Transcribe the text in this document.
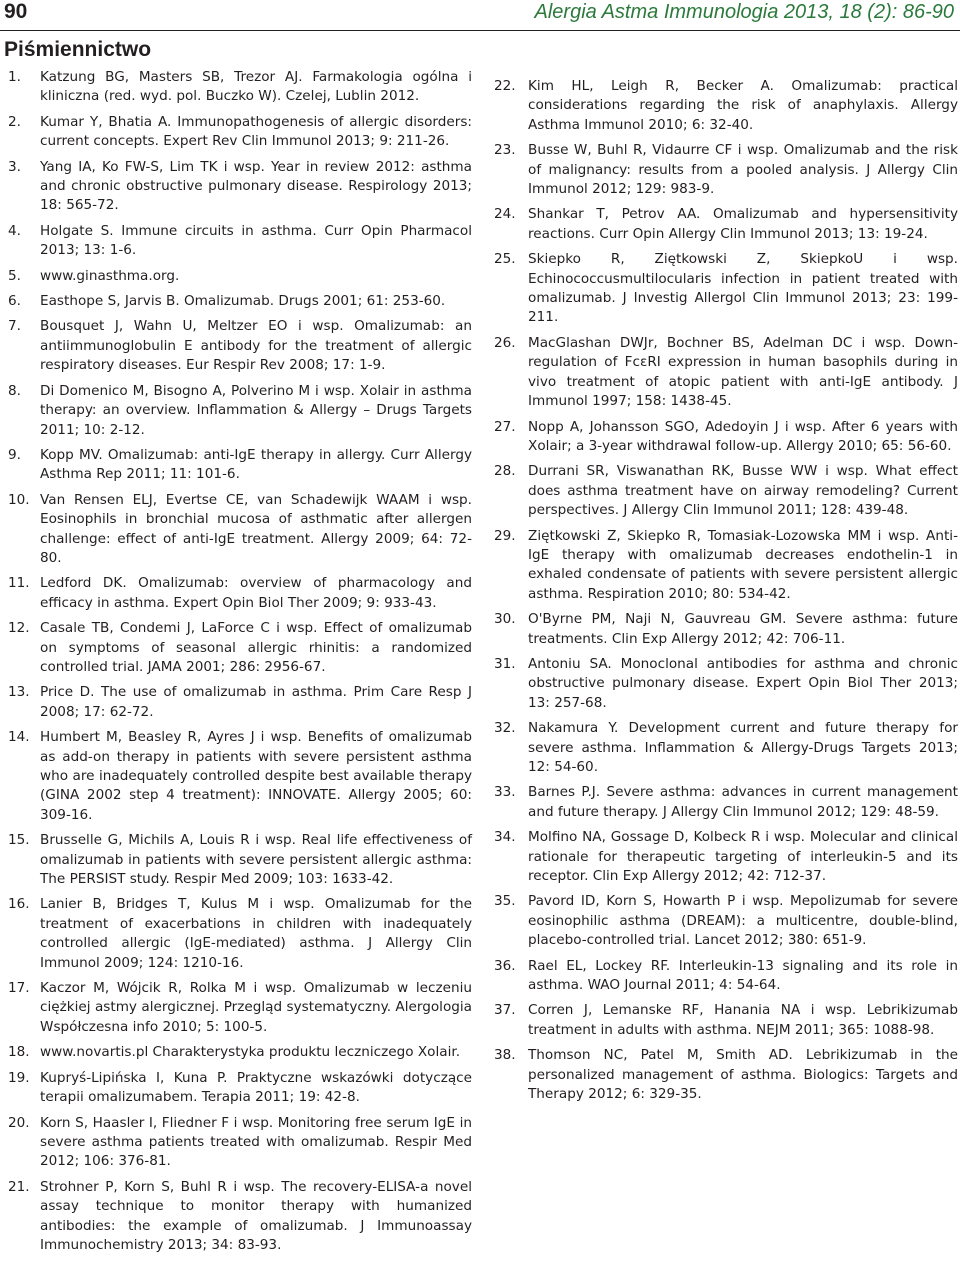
90	Alergia Astma Immunologia 2013, 18 (2): 86-90
Piśmiennictwo
1. Katzung BG, Masters SB, Trezor AJ. Farmakologia ogólna i kliniczna (red. wyd. pol. Buczko W). Czelej, Lublin 2012.
2. Kumar Y, Bhatia A. Immunopathogenesis of allergic disorders: current concepts. Expert Rev Clin Immunol 2013; 9: 211-26.
3. Yang IA, Ko FW-S, Lim TK i wsp. Year in review 2012: asthma and chronic obstructive pulmonary disease. Respirology 2013; 18: 565-72.
4. Holgate S. Immune circuits in asthma. Curr Opin Pharmacol 2013; 13: 1-6.
5. www.ginasthma.org.
6. Easthope S, Jarvis B. Omalizumab. Drugs 2001; 61: 253-60.
7. Bousquet J, Wahn U, Meltzer EO i wsp. Omalizumab: an antiimmunoglobulin E antibody for the treatment of allergic respiratory diseases. Eur Respir Rev 2008; 17: 1-9.
8. Di Domenico M, Bisogno A, Polverino M i wsp. Xolair in asthma therapy: an overview. Inflammation & Allergy – Drugs Targets 2011; 10: 2-12.
9. Kopp MV. Omalizumab: anti-IgE therapy in allergy. Curr Allergy Asthma Rep 2011; 11: 101-6.
10. Van Rensen ELJ, Evertse CE, van Schadewijk WAAM i wsp. Eosinophils in bronchial mucosa of asthmatic after allergen challenge: effect of anti-IgE treatment. Allergy 2009; 64: 72-80.
11. Ledford DK. Omalizumab: overview of pharmacology and efficacy in asthma. Expert Opin Biol Ther 2009; 9: 933-43.
12. Casale TB, Condemi J, LaForce C i wsp. Effect of omalizumab on symptoms of seasonal allergic rhinitis: a randomized controlled trial. JAMA 2001; 286: 2956-67.
13. Price D. The use of omalizumab in asthma. Prim Care Resp J 2008; 17: 62-72.
14. Humbert M, Beasley R, Ayres J i wsp. Benefits of omalizumab as add-on therapy in patients with severe persistent asthma who are inadequately controlled despite best available therapy (GINA 2002 step 4 treatment): INNOVATE. Allergy 2005; 60: 309-16.
15. Brusselle G, Michils A, Louis R i wsp. Real life effectiveness of omalizumab in patients with severe persistent allergic asthma: The PERSIST study. Respir Med 2009; 103: 1633-42.
16. Lanier B, Bridges T, Kulus M i wsp. Omalizumab for the treatment of exacerbations in children with inadequately controlled allergic (IgE-mediated) asthma. J Allergy Clin Immunol 2009; 124: 1210-16.
17. Kaczor M, Wójcik R, Rolka M i wsp. Omalizumab w leczeniu ciężkiej astmy alergicznej. Przegląd systematyczny. Alergologia Współczesna info 2010; 5: 100-5.
18. www.novartis.pl Charakterystyka produktu leczniczego Xolair.
19. Kupryś-Lipińska I, Kuna P. Praktyczne wskazówki dotyczące terapii omalizumabem. Terapia 2011; 19: 42-8.
20. Korn S, Haasler I, Fliedner F i wsp. Monitoring free serum IgE in severe asthma patients treated with omalizumab. Respir Med 2012; 106: 376-81.
21. Strohner P, Korn S, Buhl R i wsp. The recovery-ELISA-a novel assay technique to monitor therapy with humanized antibodies: the example of omalizumab. J Immunoassay Immunochemistry 2013; 34: 83-93.
22. Kim HL, Leigh R, Becker A. Omalizumab: practical considerations regarding the risk of anaphylaxis. Allergy Asthma Immunol 2010; 6: 32-40.
23. Busse W, Buhl R, Vidaurre CF i wsp. Omalizumab and the risk of malignancy: results from a pooled analysis. J Allergy Clin Immunol 2012; 129: 983-9.
24. Shankar T, Petrov AA. Omalizumab and hypersensitivity reactions. Curr Opin Allergy Clin Immunol 2013; 13: 19-24.
25. Skiepko R, Ziętkowski Z, SkiepkoU i wsp. Echinococcusmultilocularis infection in patient treated with omalizumab. J Investig Allergol Clin Immunol 2013; 23: 199-211.
26. MacGlashan DWJr, Bochner BS, Adelman DC i wsp. Down-regulation of FcεRI expression in human basophils during in vivo treatment of atopic patient with anti-IgE antibody. J Immunol 1997; 158: 1438-45.
27. Nopp A, Johansson SGO, Adedoyin J i wsp. After 6 years with Xolair; a 3-year withdrawal follow-up. Allergy 2010; 65: 56-60.
28. Durrani SR, Viswanathan RK, Busse WW i wsp. What effect does asthma treatment have on airway remodeling? Current perspectives. J Allergy Clin Immunol 2011; 128: 439-48.
29. Ziętkowski Z, Skiepko R, Tomasiak-Lozowska MM i wsp. Anti-IgE therapy with omalizumab decreases endothelin-1 in exhaled condensate of patients with severe persistent allergic asthma. Respiration 2010; 80: 534-42.
30. O'Byrne PM, Naji N, Gauvreau GM. Severe asthma: future treatments. Clin Exp Allergy 2012; 42: 706-11.
31. Antoniu SA. Monoclonal antibodies for asthma and chronic obstructive pulmonary disease. Expert Opin Biol Ther 2013; 13: 257-68.
32. Nakamura Y. Development current and future therapy for severe asthma. Inflammation & Allergy-Drugs Targets 2013; 12: 54-60.
33. Barnes P.J. Severe asthma: advances in current management and future therapy. J Allergy Clin Immunol 2012; 129: 48-59.
34. Molfino NA, Gossage D, Kolbeck R i wsp. Molecular and clinical rationale for therapeutic targeting of interleukin-5 and its receptor. Clin Exp Allergy 2012; 42: 712-37.
35. Pavord ID, Korn S, Howarth P i wsp. Mepolizumab for severe eosinophilic asthma (DREAM): a multicentre, double-blind, placebo-controlled trial. Lancet 2012; 380: 651-9.
36. Rael EL, Lockey RF. Interleukin-13 signaling and its role in asthma. WAO Journal 2011; 4: 54-64.
37. Corren J, Lemanske RF, Hanania NA i wsp. Lebrikizumab treatment in adults with asthma. NEJM 2011; 365: 1088-98.
38. Thomson NC, Patel M, Smith AD. Lebrikizumab in the personalized management of asthma. Biologics: Targets and Therapy 2012; 6: 329-35.
